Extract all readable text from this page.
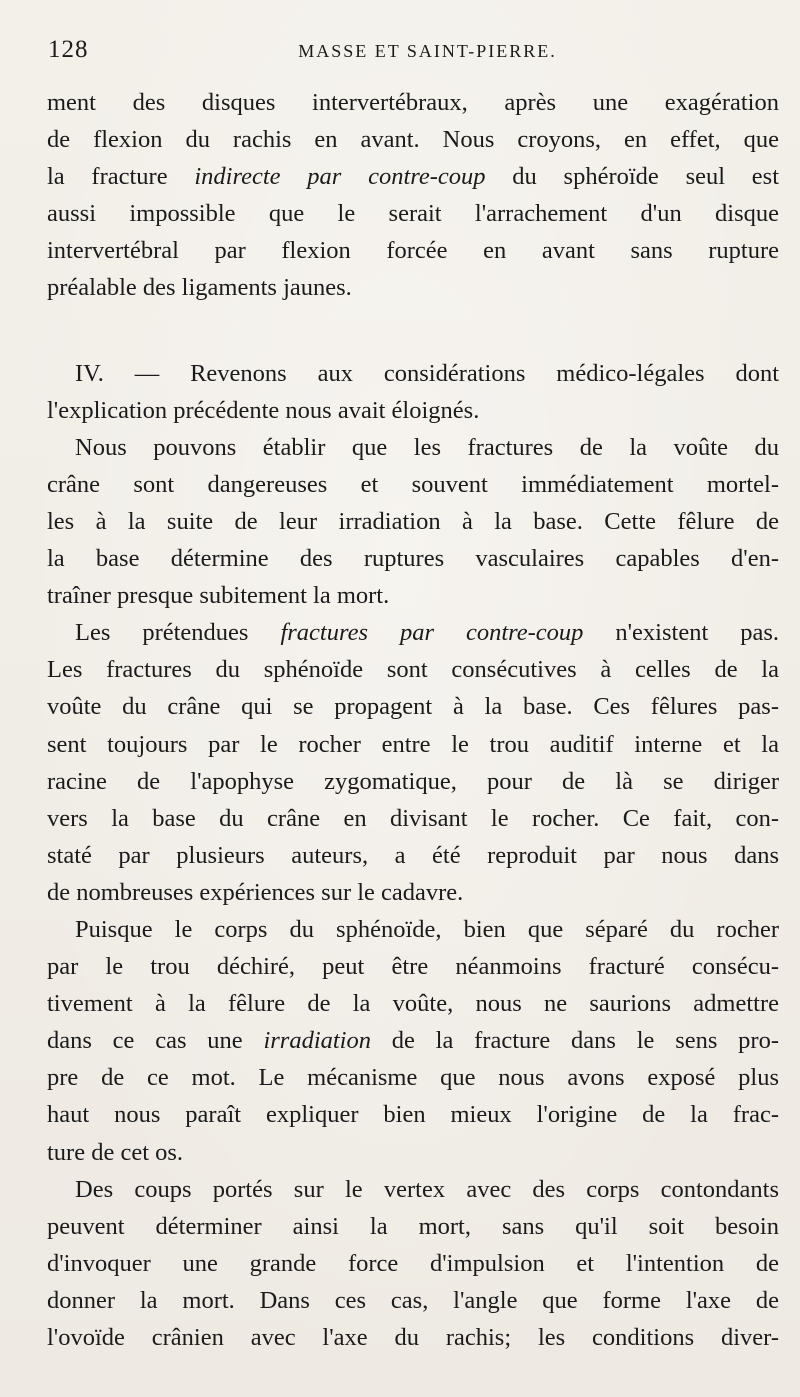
128	MASSE ET SAINT-PIERRE.
ment des disques intervertébraux, après une exagération
de flexion du rachis en avant. Nous croyons, en effet, que
la fracture indirecte par contre-coup du sphéroïde seul est
aussi impossible que le serait l'arrachement d'un disque
intervertébral par flexion forcée en avant sans rupture
préalable des ligaments jaunes.
IV. — Revenons aux considérations médico-légales dont
l'explication précédente nous avait éloignés.
Nous pouvons établir que les fractures de la voûte du
crâne sont dangereuses et souvent immédiatement mortel-
les à la suite de leur irradiation à la base. Cette fêlure de
la base détermine des ruptures vasculaires capables d'en-
traîner presque subitement la mort.
Les prétendues fractures par contre-coup n'existent pas.
Les fractures du sphénoïde sont consécutives à celles de la
voûte du crâne qui se propagent à la base. Ces fêlures pas-
sent toujours par le rocher entre le trou auditif interne et la
racine de l'apophyse zygomatique, pour de là se diriger
vers la base du crâne en divisant le rocher. Ce fait, con-
staté par plusieurs auteurs, a été reproduit par nous dans
de nombreuses expériences sur le cadavre.
Puisque le corps du sphénoïde, bien que séparé du rocher
par le trou déchiré, peut être néanmoins fracturé consécu-
tivement à la fêlure de la voûte, nous ne saurions admettre
dans ce cas une irradiation de la fracture dans le sens pro-
pre de ce mot. Le mécanisme que nous avons exposé plus
haut nous paraît expliquer bien mieux l'origine de la frac-
ture de cet os.
Des coups portés sur le vertex avec des corps contondants
peuvent déterminer ainsi la mort, sans qu'il soit besoin
d'invoquer une grande force d'impulsion et l'intention de
donner la mort. Dans ces cas, l'angle que forme l'axe de
l'ovoïde crânien avec l'axe du rachis; les conditions diver-
